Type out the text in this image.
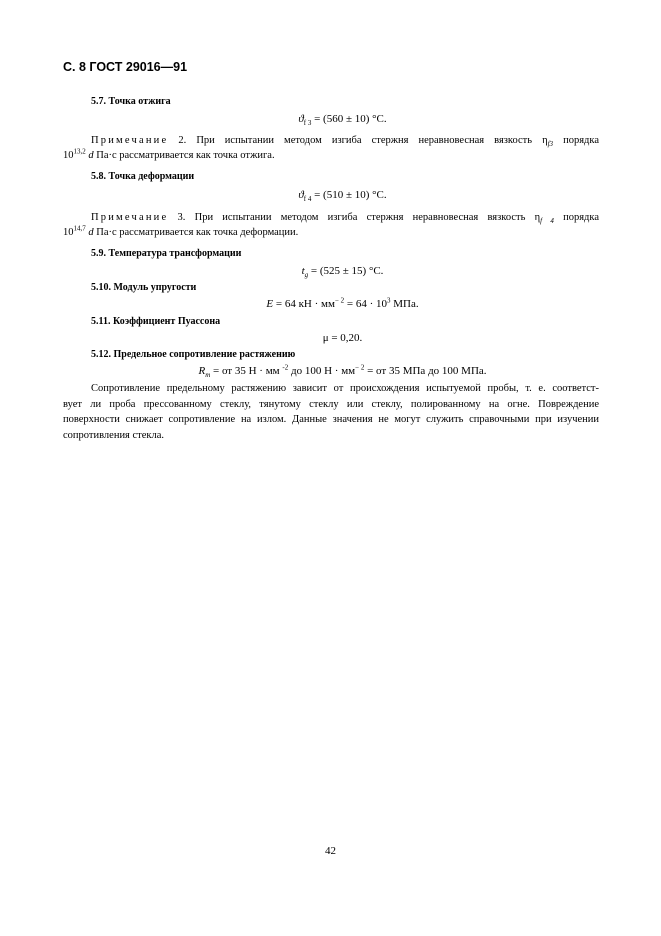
С. 8 ГОСТ 29016—91
5.7. Точка отжига
$ϑ_{f 3} = (560 \pm 10)$ °С.
Примечание 2. При испытании методом изгиба стержня неравновесная вязкость $\eta_{f3}$ порядка
10$^{13,2}$ d Па·с рассматривается как точка отжига.
5.8. Точка деформации
$ϑ_{f 4} = (510 \pm 10)$ °С.
Примечание 3. При испытании методом изгиба стержня неравновесная вязкость $\eta_{f 4}$ порядка
10$^{14,7}$ d Па·с рассматривается как точка деформации.
5.9. Температура трансформации
$t_g = (525 \pm 15)$ °С.
5.10. Модуль упругости
E = 64 кН · $мм^{- 2} = 64 \cdot 10^3$ МПа.
5.11. Коэффициент Пуассона
μ = 0,20.
5.12. Предельное сопротивление растяжению
$R_m$ = от 35 Н · мм $^{-2}$ до 100 $Н \cdot мм^{- 2}$ = от 35 МПа до 100 МПа.
Сопротивление предельному растяжению зависит от происхождения испытуемой пробы, т. е. соответст-
вует ли проба прессованному стеклу, тянутому стеклу или стеклу, полированному на огне. Повреждение
поверхности снижает сопротивление на излом. Данные значения не могут служить справочными при изучении
сопротивления стекла.
42
